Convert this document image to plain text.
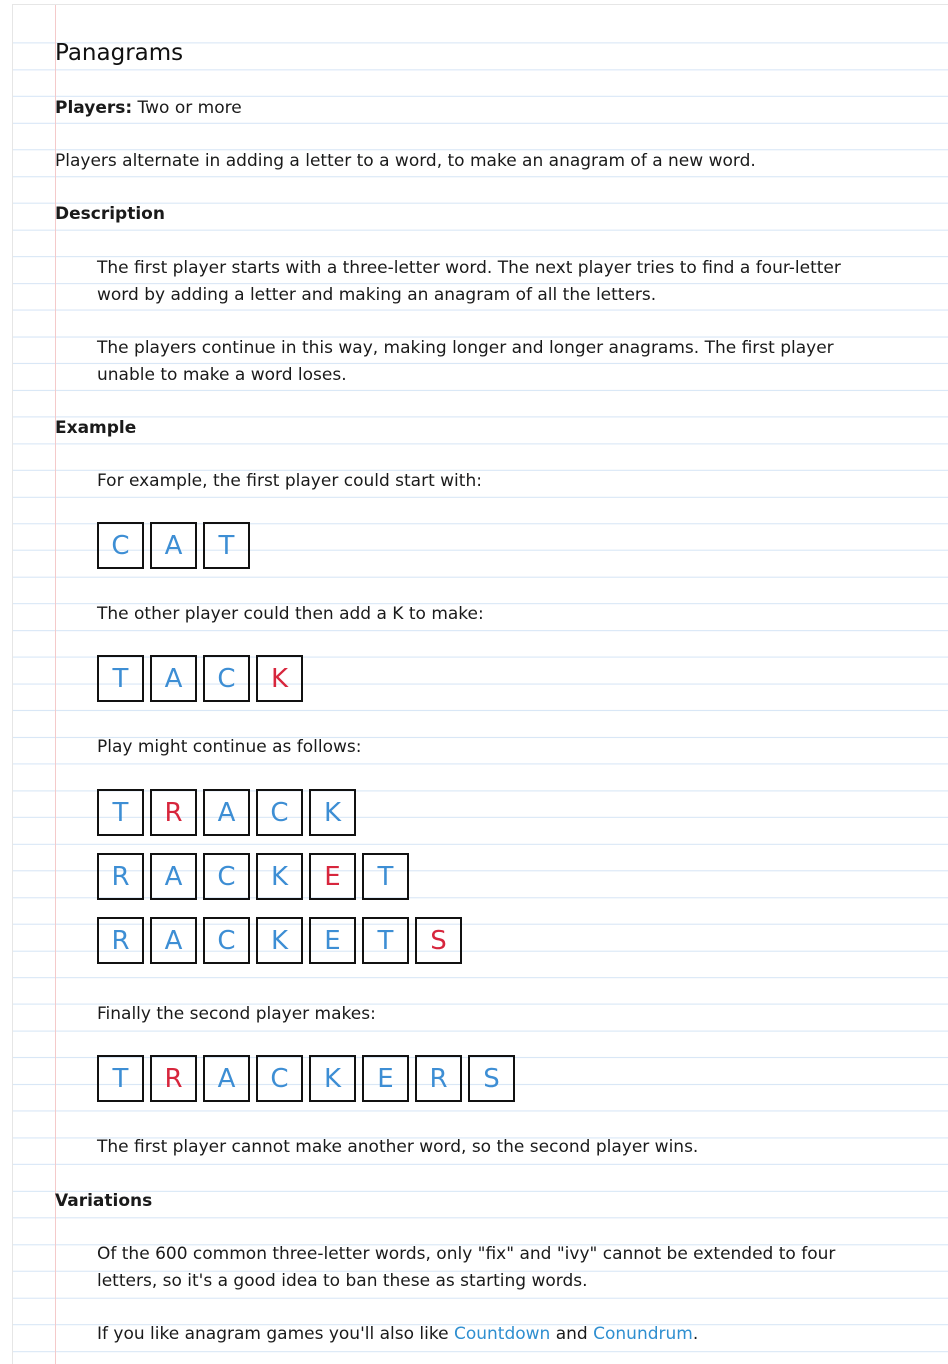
Panagrams

Players: Two or more

Players alternate in adding a letter to a word, to make an anagram of a new word.

Description

The first player starts with a three-letter word. The next player tries to find a four-letter word by adding a letter and making an anagram of all the letters.

The players continue in this way, making longer and longer anagrams. The first player unable to make a word loses.

Example

For example, the first player could start with:

C	A	T

The other player could then add a K to make:

T	A	C	K

Play might continue as follows:

T	R	A	C	K
R	A	C	K	E	T
R	A	C	K	E	T	S

Finally the second player makes:

T	R	A	C	K	E	R	S

The first player cannot make another word, so the second player wins.

Variations

Of the 600 common three-letter words, only "fix" and "ivy" cannot be extended to four letters, so it's a good idea to ban these as starting words.

If you like anagram games you'll also like Countdown and Conundrum.
